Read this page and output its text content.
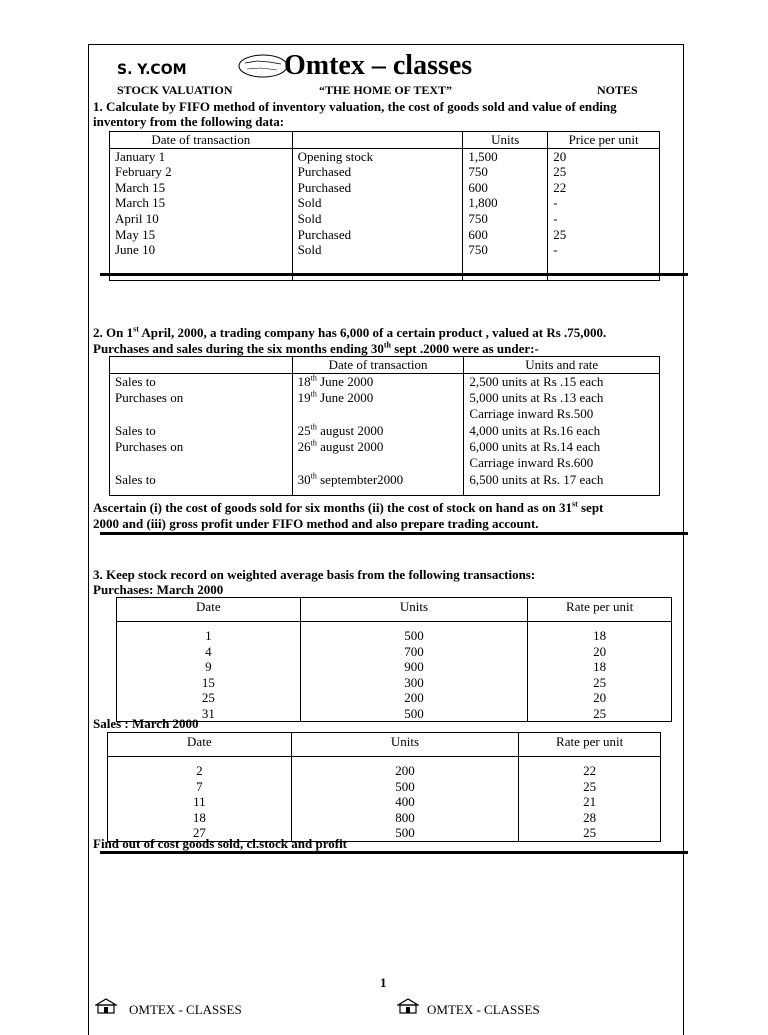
S. Y.COM	Omtex – classes
STOCK VALUATION	“THE HOME OF TEXT”	NOTES
1. Calculate by FIFO method of inventory valuation, the cost of goods sold and value of ending
inventory from the following data:
Date of transaction		Units	Price per unit
January 1	Opening stock	1,500	20
February 2	Purchased	750	25
March 15	Purchased	600	22
March 15	Sold	1,800	-
April 10	Sold	750	-
May 15	Purchased	600	25
June 10	Sold	750	-
2. On 1st April, 2000, a trading company has 6,000 of a certain product , valued at Rs .75,000.
Purchases and sales during the six months ending 30th sept .2000 were as under:-
	Date of transaction	Units and rate
Sales to	18th June 2000	2,500 units at Rs .15 each

Purchases on	19th June 2000	5,000 units at Rs .13 each
Carriage inward Rs.500

Sales to	25th august 2000	4,000 units at Rs.16 each

Purchases on	26th august 2000	6,000 units at Rs.14 each
Carriage inward Rs.600

Sales to	30th septembter2000	6,500 units at Rs. 17 each
Ascertain (i) the cost of goods sold for six months (ii) the cost of stock on hand as on 31st sept
2000 and (iii) gross profit under FIFO method and also prepare trading account.
3. Keep stock record on weighted average basis from the following transactions:
Purchases: March 2000
Date	Units	Rate per unit
1	500	18
4	700	20
9	900	18
15	300	25
25	200	20
31	500	25
Sales : March 2000
Date	Units	Rate per unit
2	200	22
7	500	25
11	400	21
18	800	28
27	500	25
Find out of cost goods sold, cl.stock and profit
1
OMTEX - CLASSES	OMTEX - CLASSES
